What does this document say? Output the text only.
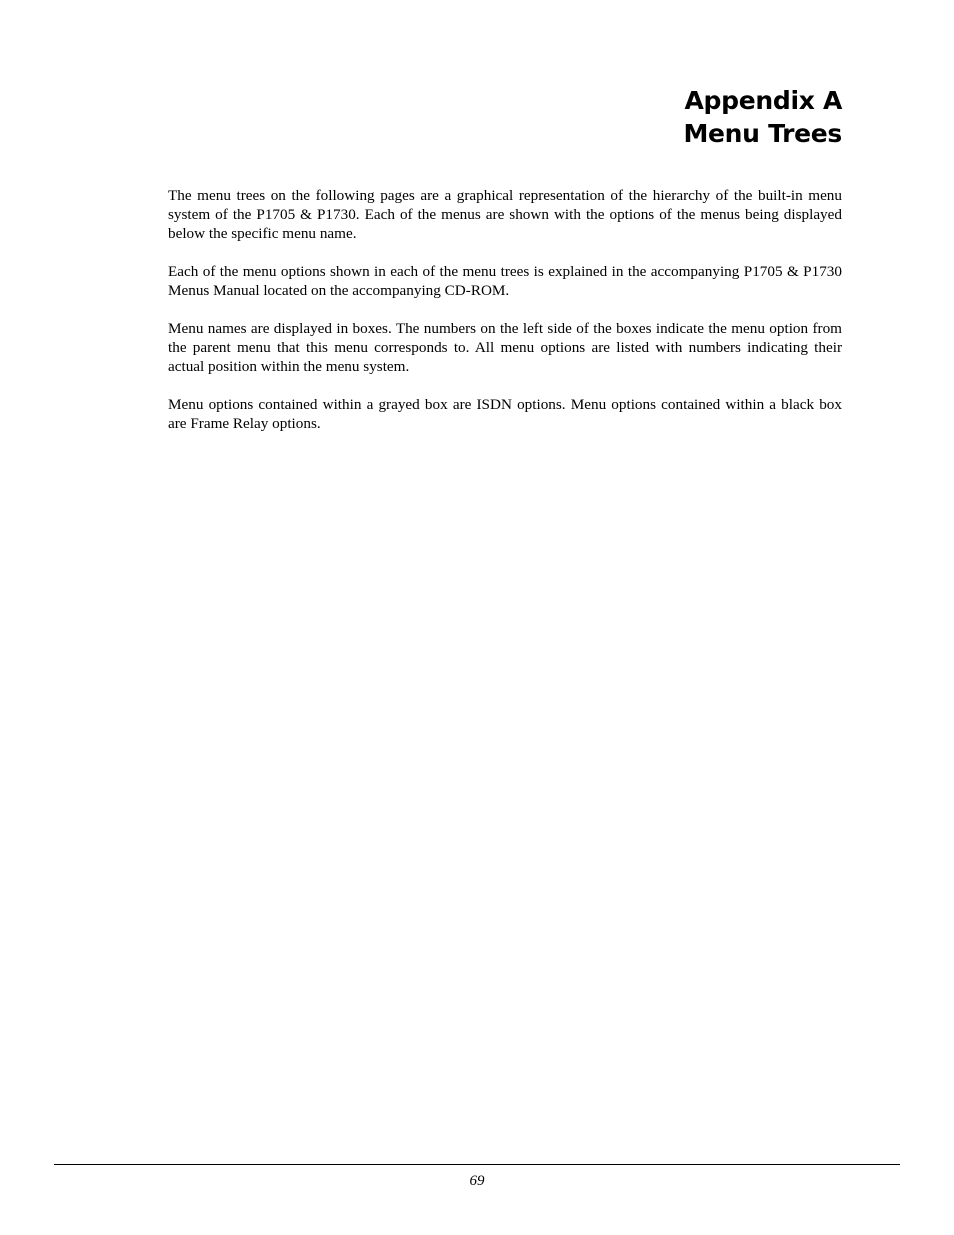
Appendix A
Menu Trees

The menu trees on the following pages are a graphical representation of the hierarchy of the built-in menu system of the P1705 & P1730. Each of the menus are shown with the options of the menus being displayed below the specific menu name.

Each of the menu options shown in each of the menu trees is explained in the accompanying P1705 & P1730 Menus Manual located on the accompanying CD-ROM.

Menu names are displayed in boxes. The numbers on the left side of the boxes indicate the menu option from the parent menu that this menu corresponds to. All menu options are listed with numbers indicating their actual position within the menu system.

Menu options contained within a grayed box are ISDN options. Menu options contained within a black box are Frame Relay options.

69
